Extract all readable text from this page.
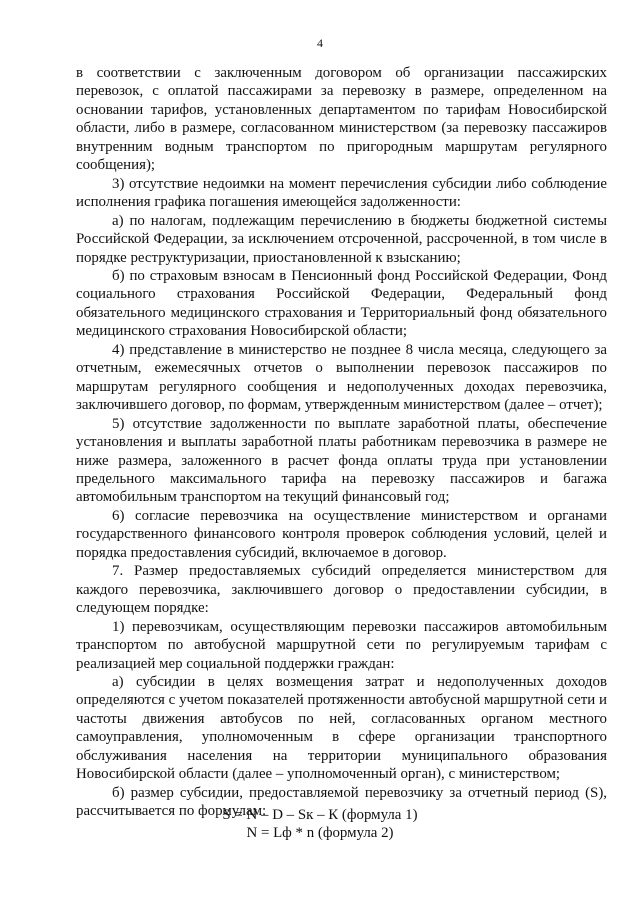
4

в соответствии с заключенным договором об организации пассажирских перевозок, с оплатой пассажирами за перевозку в размере, определенном на основании тарифов, установленных департаментом по тарифам Новосибирской области, либо в размере, согласованном министерством (за перевозку пассажиров внутренним водным транспортом по пригородным маршрутам регулярного сообщения);

3) отсутствие недоимки на момент перечисления субсидии либо соблюдение исполнения графика погашения имеющейся задолженности:

а) по налогам, подлежащим перечислению в бюджеты бюджетной системы Российской Федерации, за исключением отсроченной, рассроченной, в том числе в порядке реструктуризации, приостановленной к взысканию;

б) по страховым взносам в Пенсионный фонд Российской Федерации, Фонд социального страхования Российской Федерации, Федеральный фонд обязательного медицинского страхования и Территориальный фонд обязательного медицинского страхования Новосибирской области;

4) представление в министерство не позднее 8 числа месяца, следующего за отчетным, ежемесячных отчетов о выполнении перевозок пассажиров по маршрутам регулярного сообщения и недополученных доходах перевозчика, заключившего договор, по формам, утвержденным министерством (далее – отчет);

5) отсутствие задолженности по выплате заработной платы, обеспечение установления и выплаты заработной платы работникам перевозчика в размере не ниже размера, заложенного в расчет фонда оплаты труда при установлении предельного максимального тарифа на перевозку пассажиров и багажа автомобильным транспортом на текущий финансовый год;

6) согласие перевозчика на осуществление министерством и органами государственного финансового контроля проверок соблюдения условий, целей и порядка предоставления субсидий, включаемое в договор.

7. Размер предоставляемых субсидий определяется министерством для каждого перевозчика, заключившего договор о предоставлении субсидии, в следующем порядке:

1) перевозчикам, осуществляющим перевозки пассажиров автомобильным транспортом по автобусной маршрутной сети по регулируемым тарифам с реализацией мер социальной поддержки граждан:

а) субсидии в целях возмещения затрат и недополученных доходов определяются с учетом показателей протяженности автобусной маршрутной сети и частоты движения автобусов по ней, согласованных органом местного самоуправления, уполномоченным в сфере организации транспортного обслуживания населения на территории муниципального образования Новосибирской области (далее – уполномоченный орган), с министерством;

б) размер субсидии, предоставляемой перевозчику за отчетный период (S), рассчитывается по формулам:

S = N – D – Sк – К (формула 1)
N = Lф * n (формула 2)
